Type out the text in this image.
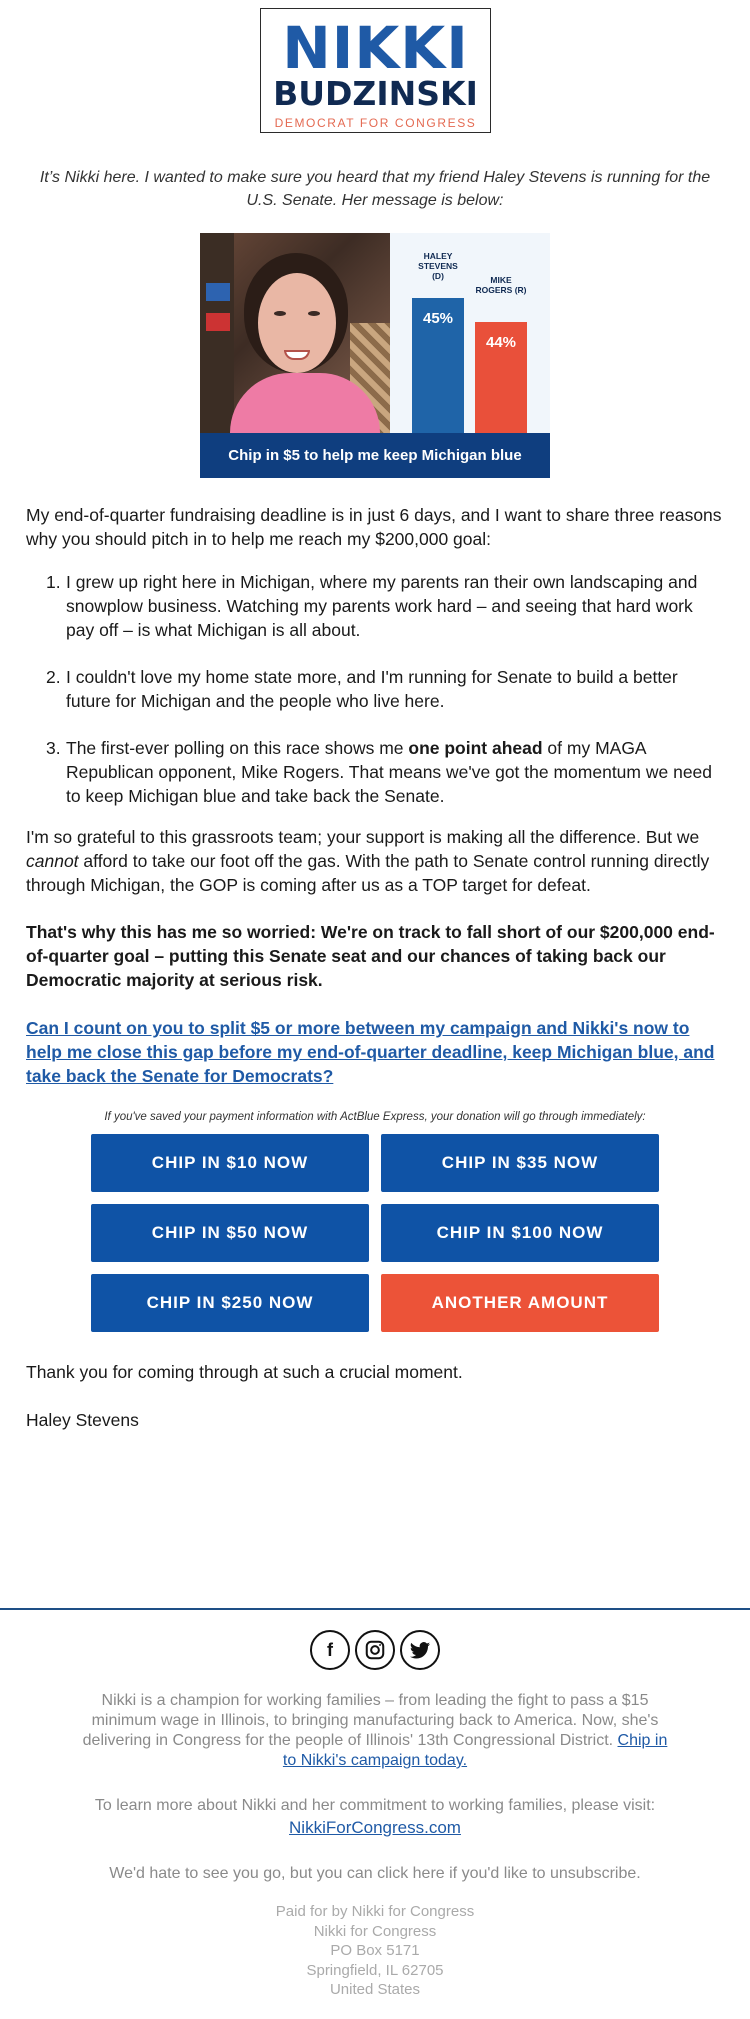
NIKKI
BUDZINSKI
DEMOCRAT FOR CONGRESS
It’s Nikki here. I wanted to make sure you heard that my friend Haley Stevens is running for the U.S. Senate. Her message is below:
HALEY STEVENS (D)	MIKE ROGERS (R)
45%
44%
Chip in $5 to help me keep Michigan blue
My end-of-quarter fundraising deadline is in just 6 days, and I want to share three reasons why you should pitch in to help me reach my $200,000 goal:
1. I grew up right here in Michigan, where my parents ran their own landscaping and snowplow business. Watching my parents work hard – and seeing that hard work pay off – is what Michigan is all about.
2. I couldn't love my home state more, and I'm running for Senate to build a better future for Michigan and the people who live here.
3. The first-ever polling on this race shows me one point ahead of my MAGA Republican opponent, Mike Rogers. That means we've got the momentum we need to keep Michigan blue and take back the Senate.
I'm so grateful to this grassroots team; your support is making all the difference. But we cannot afford to take our foot off the gas. With the path to Senate control running directly through Michigan, the GOP is coming after us as a TOP target for defeat.
That's why this has me so worried: We're on track to fall short of our $200,000 end-of-quarter goal – putting this Senate seat and our chances of taking back our Democratic majority at serious risk.
Can I count on you to split $5 or more between my campaign and Nikki's now to help me close this gap before my end-of-quarter deadline, keep Michigan blue, and take back the Senate for Democrats?
If you've saved your payment information with ActBlue Express, your donation will go through immediately:
CHIP IN $10 NOW	CHIP IN $35 NOW
CHIP IN $50 NOW	CHIP IN $100 NOW
CHIP IN $250 NOW	ANOTHER AMOUNT
Thank you for coming through at such a crucial moment.
Haley Stevens
f
Nikki is a champion for working families – from leading the fight to pass a $15 minimum wage in Illinois, to bringing manufacturing back to America. Now, she's delivering in Congress for the people of Illinois' 13th Congressional District. Chip in to Nikki's campaign today.
To learn more about Nikki and her commitment to working families, please visit:
NikkiForCongress.com
We'd hate to see you go, but you can click here if you'd like to unsubscribe.
Paid for by Nikki for Congress
Nikki for Congress
PO Box 5171
Springfield, IL 62705
United States
